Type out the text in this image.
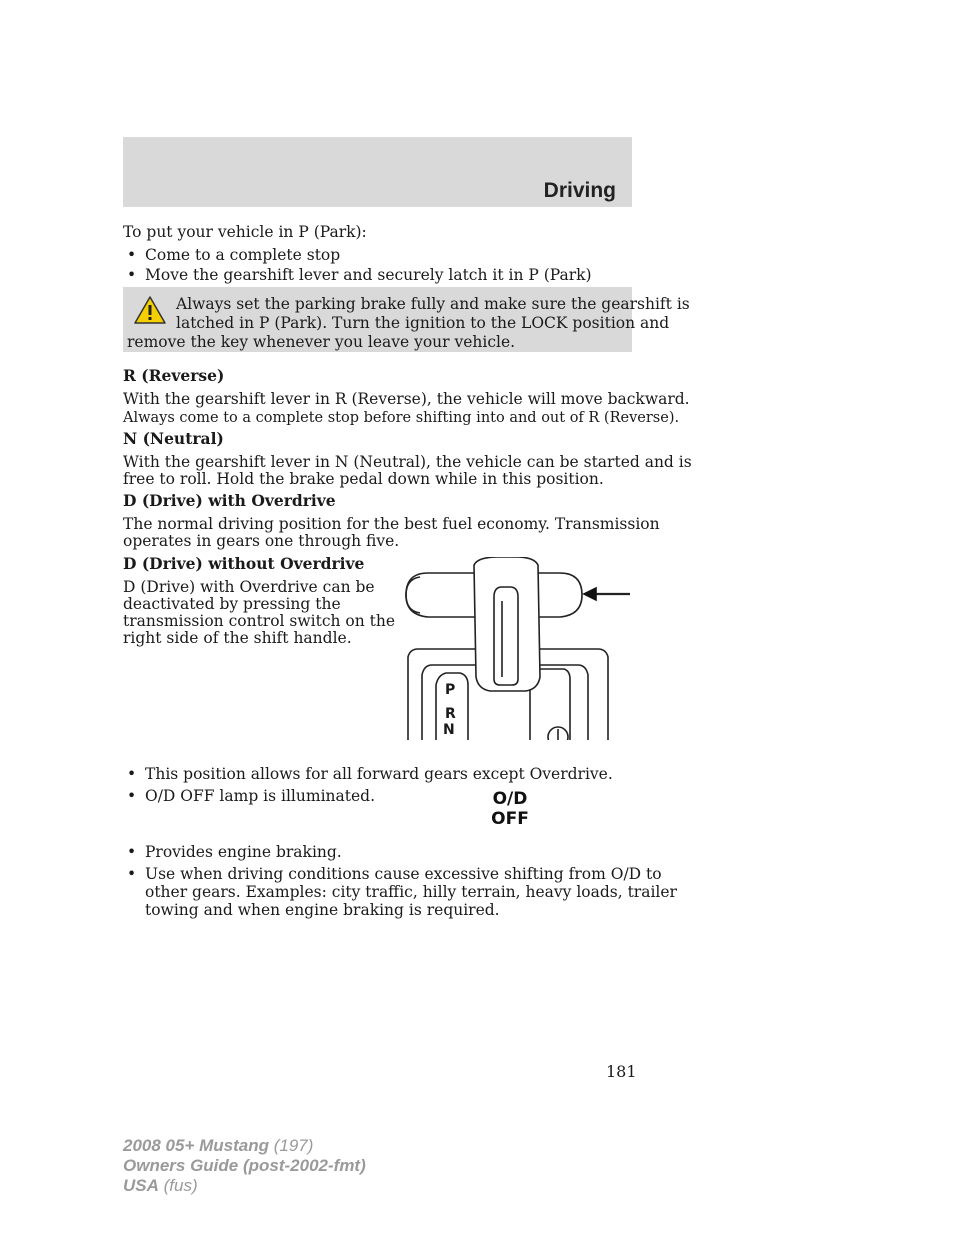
Driving
To put your vehicle in P (Park):
• Come to a complete stop
• Move the gearshift lever and securely latch it in P (Park)
Always set the parking brake fully and make sure the gearshift is
latched in P (Park). Turn the ignition to the LOCK position and
remove the key whenever you leave your vehicle.
R (Reverse)
With the gearshift lever in R (Reverse), the vehicle will move backward.
Always come to a complete stop before shifting into and out of R (Reverse).
N (Neutral)
With the gearshift lever in N (Neutral), the vehicle can be started and is
free to roll. Hold the brake pedal down while in this position.
D (Drive) with Overdrive
The normal driving position for the best fuel economy. Transmission
operates in gears one through five.
D (Drive) without Overdrive
D (Drive) with Overdrive can be
deactivated by pressing the
transmission control switch on the
right side of the shift handle.
P
R
N
• This position allows for all forward gears except Overdrive.
• O/D OFF lamp is illuminated.	O/D
OFF
• Provides engine braking.
• Use when driving conditions cause excessive shifting from O/D to
other gears. Examples: city traffic, hilly terrain, heavy loads, trailer
towing and when engine braking is required.
181
2008 05+ Mustang (197)
Owners Guide (post-2002-fmt)
USA (fus)
